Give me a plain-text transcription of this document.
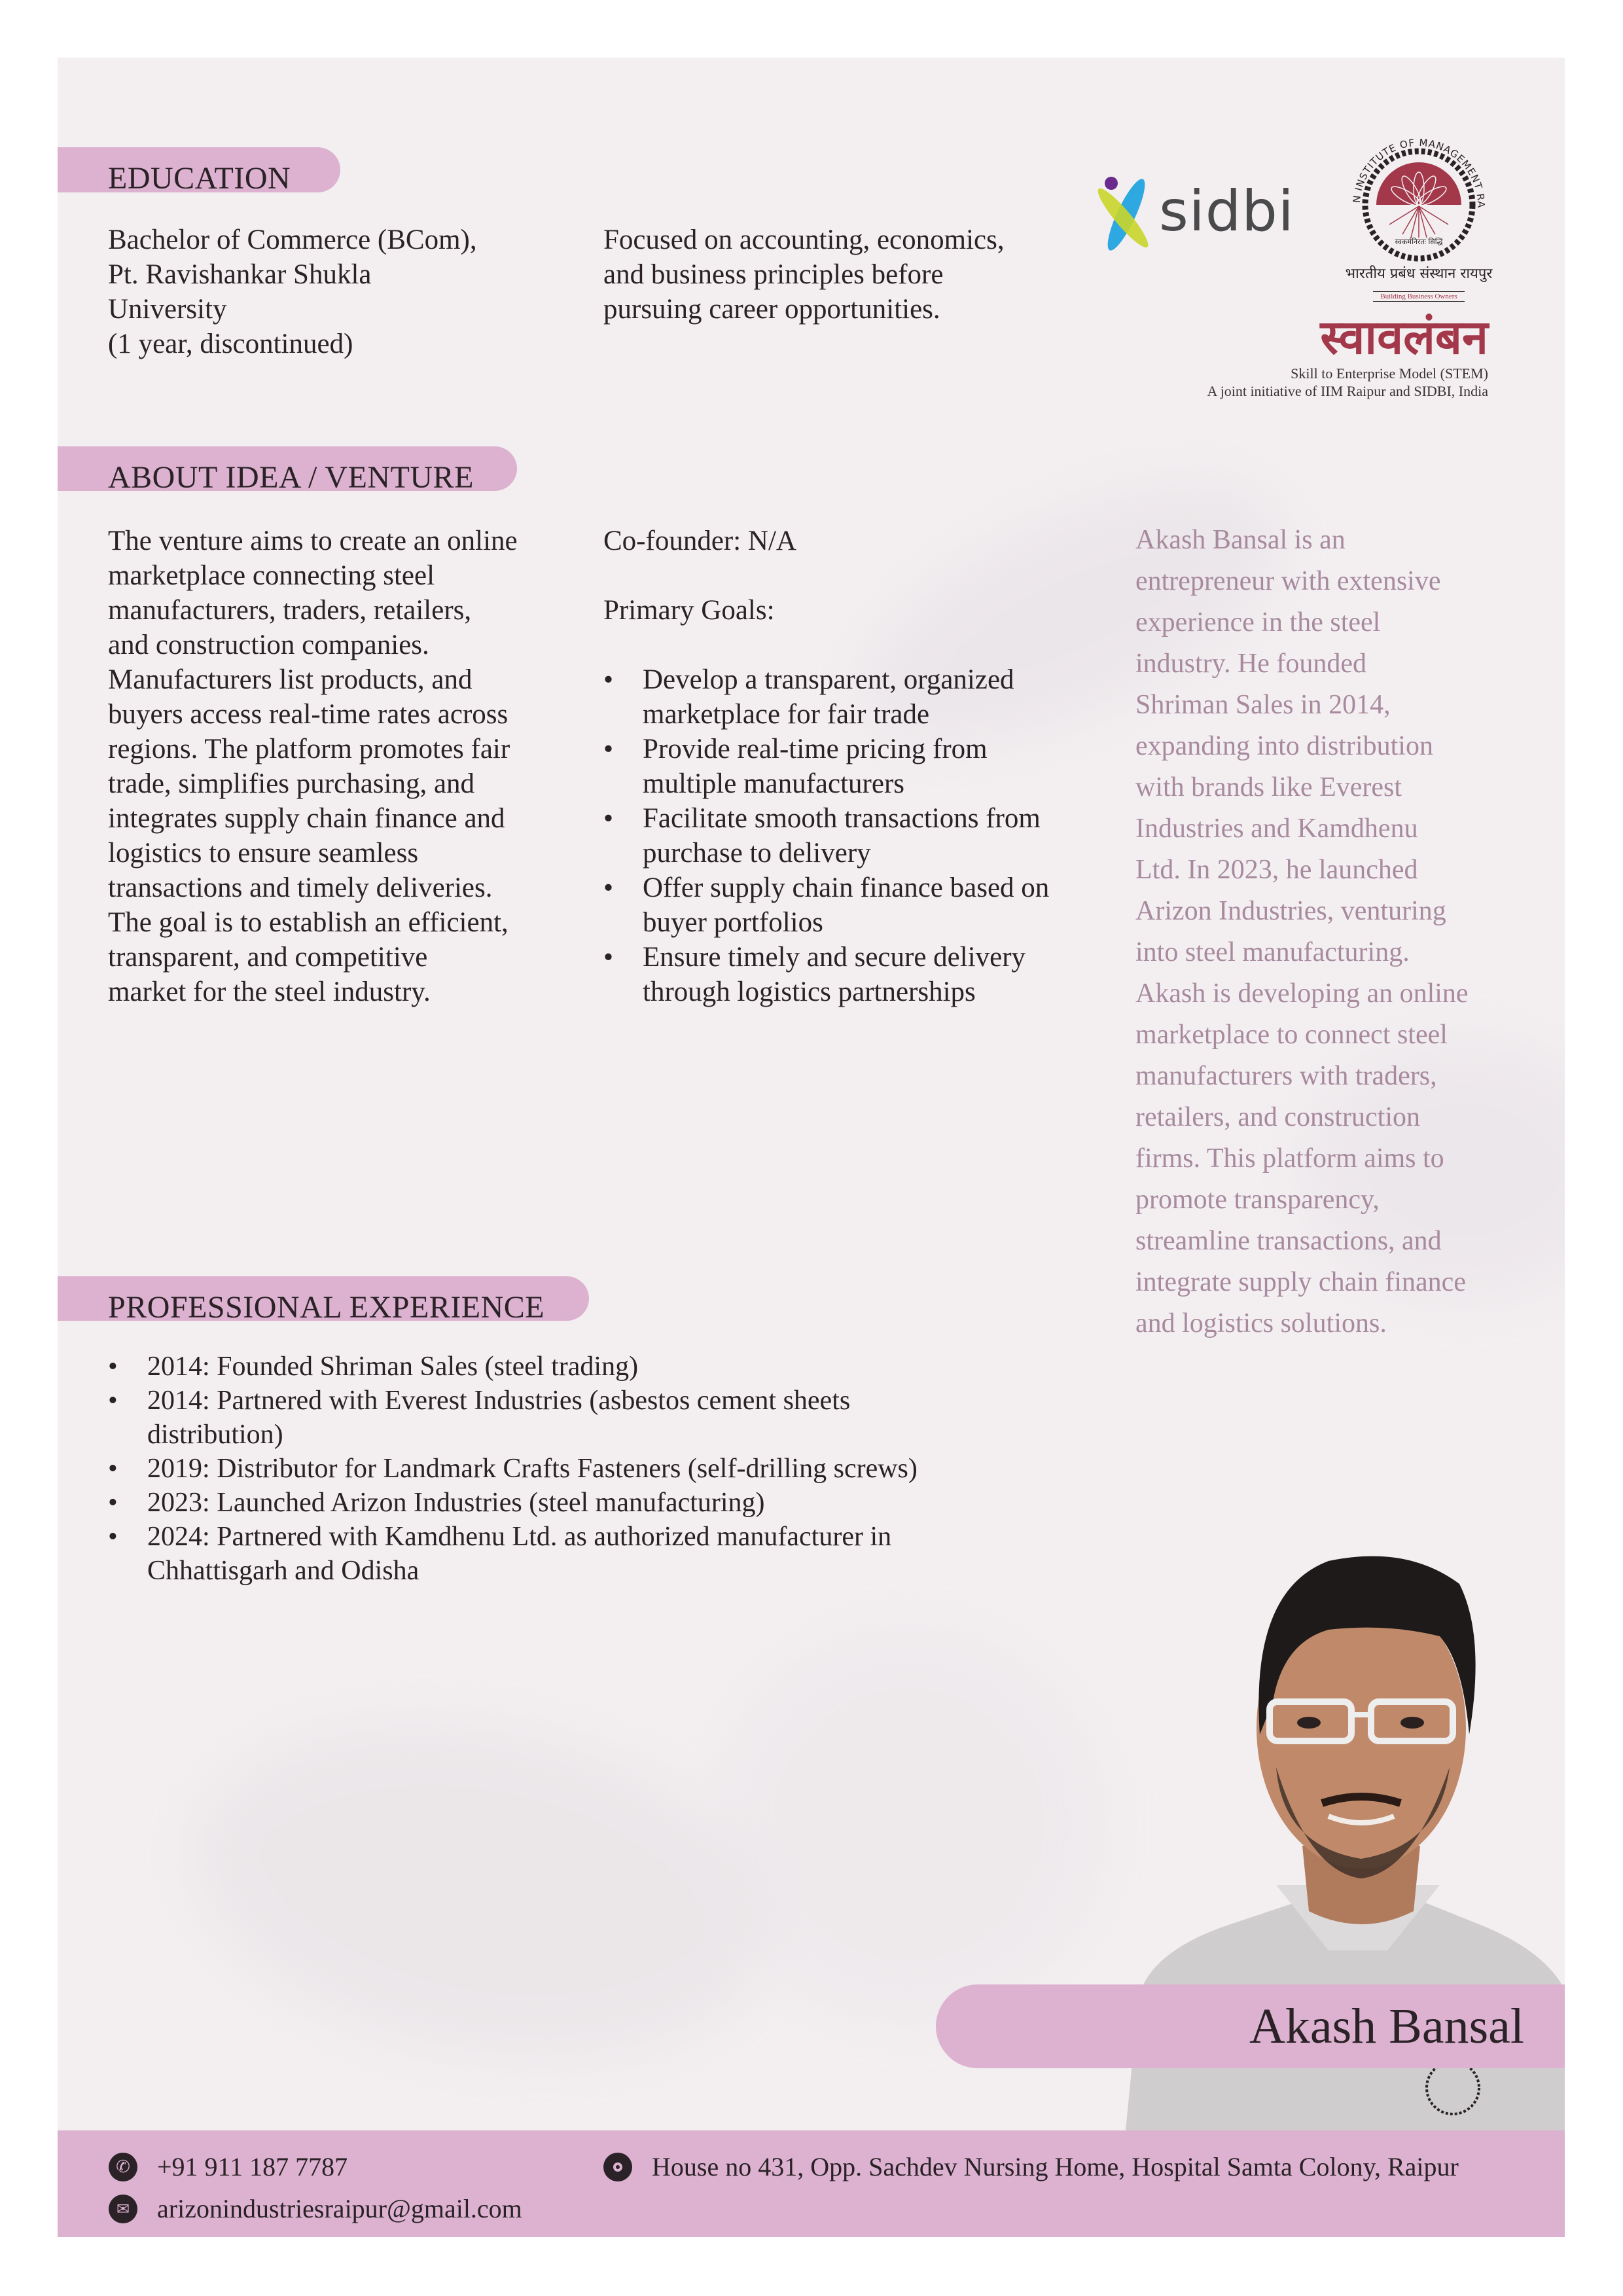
EDUCATION
Bachelor of Commerce (BCom),
Pt. Ravishankar Shukla
University
(1 year, discontinued)
Focused on accounting, economics,
and business principles before
pursuing career opportunities.
sidbi	N INSTITUTE OF MANAGEMENT RA
भारतीय प्रबंध संस्थान रायपुर
स्वकर्मनिरतः सिद्धिं
Building Business Owners
स्वावलंबन
Skill to Enterprise Model (STEM)
A joint initiative of IIM Raipur and SIDBI, India
ABOUT IDEA / VENTURE
The venture aims to create an online
marketplace connecting steel
manufacturers, traders, retailers,
and construction companies.
Manufacturers list products, and
buyers access real-time rates across
regions. The platform promotes fair
trade, simplifies purchasing, and
integrates supply chain finance and
logistics to ensure seamless
transactions and timely deliveries.
The goal is to establish an efficient,
transparent, and competitive
market for the steel industry.
Co-founder: N/A
Primary Goals:
• Develop a transparent, organized
marketplace for fair trade
• Provide real-time pricing from
multiple manufacturers
• Facilitate smooth transactions from
purchase to delivery
• Offer supply chain finance based on
buyer portfolios
• Ensure timely and secure delivery
through logistics partnerships
Akash Bansal is an
entrepreneur with extensive
experience in the steel
industry. He founded
Shriman Sales in 2014,
expanding into distribution
with brands like Everest
Industries and Kamdhenu
Ltd. In 2023, he launched
Arizon Industries, venturing
into steel manufacturing.
Akash is developing an online
marketplace to connect steel
manufacturers with traders,
retailers, and construction
firms. This platform aims to
promote transparency,
streamline transactions, and
integrate supply chain finance
and logistics solutions.
PROFESSIONAL EXPERIENCE
• 2014: Founded Shriman Sales (steel trading)
• 2014: Partnered with Everest Industries (asbestos cement sheets
distribution)
• 2019: Distributor for Landmark Crafts Fasteners (self-drilling screws)
• 2023: Launched Arizon Industries (steel manufacturing)
• 2024: Partnered with Kamdhenu Ltd. as authorized manufacturer in
Chhattisgarh and Odisha
Akash Bansal
✆ +91 911 187 7787
✉ arizonindustriesraipur@gmail.com
House no 431, Opp. Sachdev Nursing Home, Hospital Samta Colony, Raipur
